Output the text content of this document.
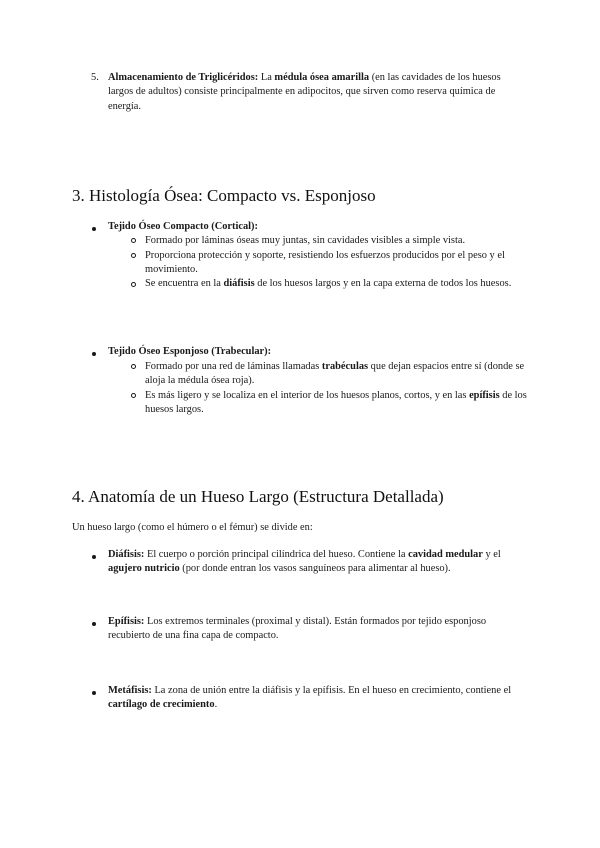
5. Almacenamiento de Triglicéridos: La médula ósea amarilla (en las cavidades de los huesos largos de adultos) consiste principalmente en adipocitos, que sirven como reserva química de energía.
3. Histología Ósea: Compacto vs. Esponjoso
Tejido Óseo Compacto (Cortical):
Formado por láminas óseas muy juntas, sin cavidades visibles a simple vista.
Proporciona protección y soporte, resistiendo los esfuerzos producidos por el peso y el movimiento.
Se encuentra en la diáfisis de los huesos largos y en la capa externa de todos los huesos.
Tejido Óseo Esponjoso (Trabecular):
Formado por una red de láminas llamadas trabéculas que dejan espacios entre sí (donde se aloja la médula ósea roja).
Es más ligero y se localiza en el interior de los huesos planos, cortos, y en las epífisis de los huesos largos.
4. Anatomía de un Hueso Largo (Estructura Detallada)
Un hueso largo (como el húmero o el fémur) se divide en:
Diáfisis: El cuerpo o porción principal cilíndrica del hueso. Contiene la cavidad medular y el agujero nutricio (por donde entran los vasos sanguíneos para alimentar al hueso).
Epífisis: Los extremos terminales (proximal y distal). Están formados por tejido esponjoso recubierto de una fina capa de compacto.
Metáfisis: La zona de unión entre la diáfisis y la epífisis. En el hueso en crecimiento, contiene el cartílago de crecimiento.
